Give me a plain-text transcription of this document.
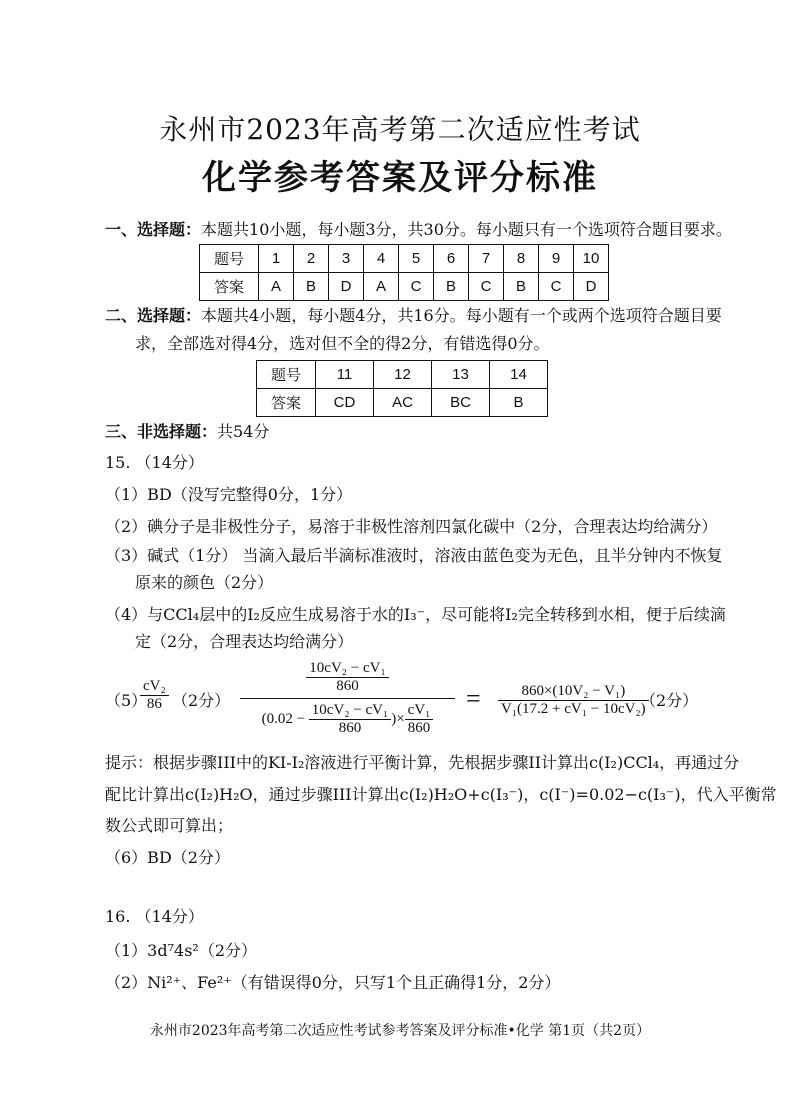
永州市2023年高考第二次适应性考试
化学参考答案及评分标准
一、选择题：本题共10小题，每小题3分，共30分。每小题只有一个选项符合题目要求。
题号	1	2	3	4	5	6	7	8	9	10
答案	A	B	D	A	C	B	C	B	C	D
二、选择题：本题共4小题，每小题4分，共16分。每小题有一个或两个选项符合题目要
求，全部选对得4分，选对但不全的得2分，有错选得0分。
题号	11	12	13	14
答案	CD	AC	BC	B
三、非选择题：共54分
15. （14分）
（1）BD（没写完整得0分，1分）
（2）碘分子是非极性分子，易溶于非极性溶剂四氯化碳中（2分，合理表达均给满分）
（3）碱式（1分） 当滴入最后半滴标准液时，溶液由蓝色变为无色，且半分钟内不恢复
原来的颜色（2分）
（4）与CCl₄层中的I₂反应生成易溶于水的I₃⁻，尽可能将I₂完全转移到水相，便于后续滴
定（2分，合理表达均给满分）
（5）
$\frac{\text{cV₂}}{86} (2$分） $\frac{\frac{\text{10cV₂ − cV₁}}{860}}{(0.02 - \frac{\text{10cV₂ − cV₁}}{860} )\times \frac{\text{cV₁}}{860}} = \frac{\text{860×(10V₂ − V₁)}}{\text{V₁(17.2 + cV₁ − 10cV₂)}}$
（2分）
提示：根据步骤III中的KI-I₂溶液进行平衡计算，先根据步骤II计算出c(I₂)CCl₄，再通过分
配比计算出c(I₂)H₂O，通过步骤III计算出c(I₂)H₂O+c(I₃⁻)，c(I⁻)=0.02−c(I₃⁻)，代入平衡常
数公式即可算出；
（6）BD（2分）
16. （14分）
（1）3d⁷4s²（2分）
（2）Ni²⁺、Fe²⁺（有错误得0分，只写1个且正确得1分，2分）
永州市2023年高考第二次适应性考试参考答案及评分标准•化学 第1页（共2页）
